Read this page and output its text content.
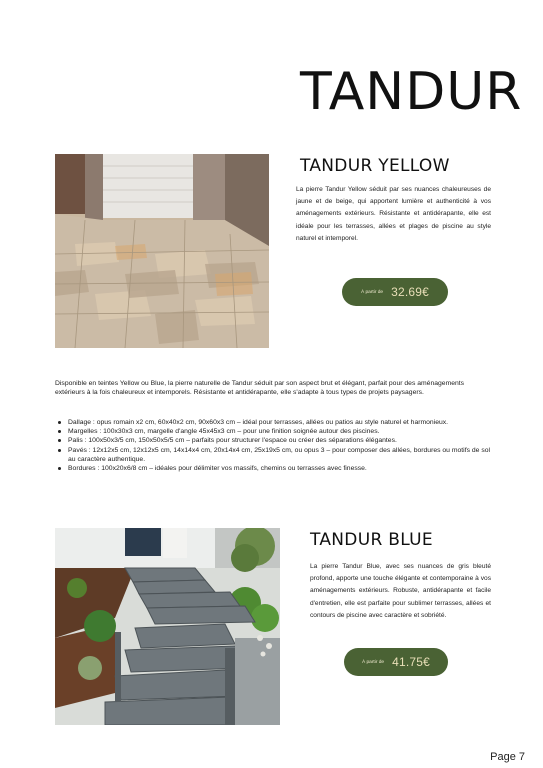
TANDUR
TANDUR YELLOW
La pierre Tandur Yellow séduit par ses nuances chaleureuses de jaune et de beige, qui apportent lumière et authenticité à vos aménagements extérieurs. Résistante et antidérapante, elle est idéale pour les terrasses, allées et plages de piscine au style naturel et intemporel.
À partir de 32.69€
Disponible en teintes Yellow ou Blue, la pierre naturelle de Tandur séduit par son aspect brut et élégant, parfait pour des aménagements extérieurs à la fois chaleureux et intemporels. Résistante et antidérapante, elle s'adapte à tous types de projets paysagers.
Dallage : opus romain x2 cm, 60x40x2 cm, 90x60x3 cm – idéal pour terrasses, allées ou patios au style naturel et harmonieux.
Margelles : 100x30x3 cm, margelle d'angle 45x45x3 cm – pour une finition soignée autour des piscines.
Palis : 100x50x3/5 cm, 150x50x5/5 cm – parfaits pour structurer l'espace ou créer des séparations élégantes.
Pavés : 12x12x5 cm, 12x12x5 cm, 14x14x4 cm, 20x14x4 cm, 25x19x5 cm, ou opus 3 – pour composer des allées, bordures ou motifs de sol au caractère authentique.
Bordures : 100x20x6/8 cm – idéales pour délimiter vos massifs, chemins ou terrasses avec finesse.
TANDUR BLUE
La pierre Tandur Blue, avec ses nuances de gris bleuté profond, apporte une touche élégante et contemporaine à vos aménagements extérieurs. Robuste, antidérapante et facile d'entretien, elle est parfaite pour sublimer terrasses, allées et contours de piscine avec caractère et sobriété.
À partir de 41.75€
Page 7
